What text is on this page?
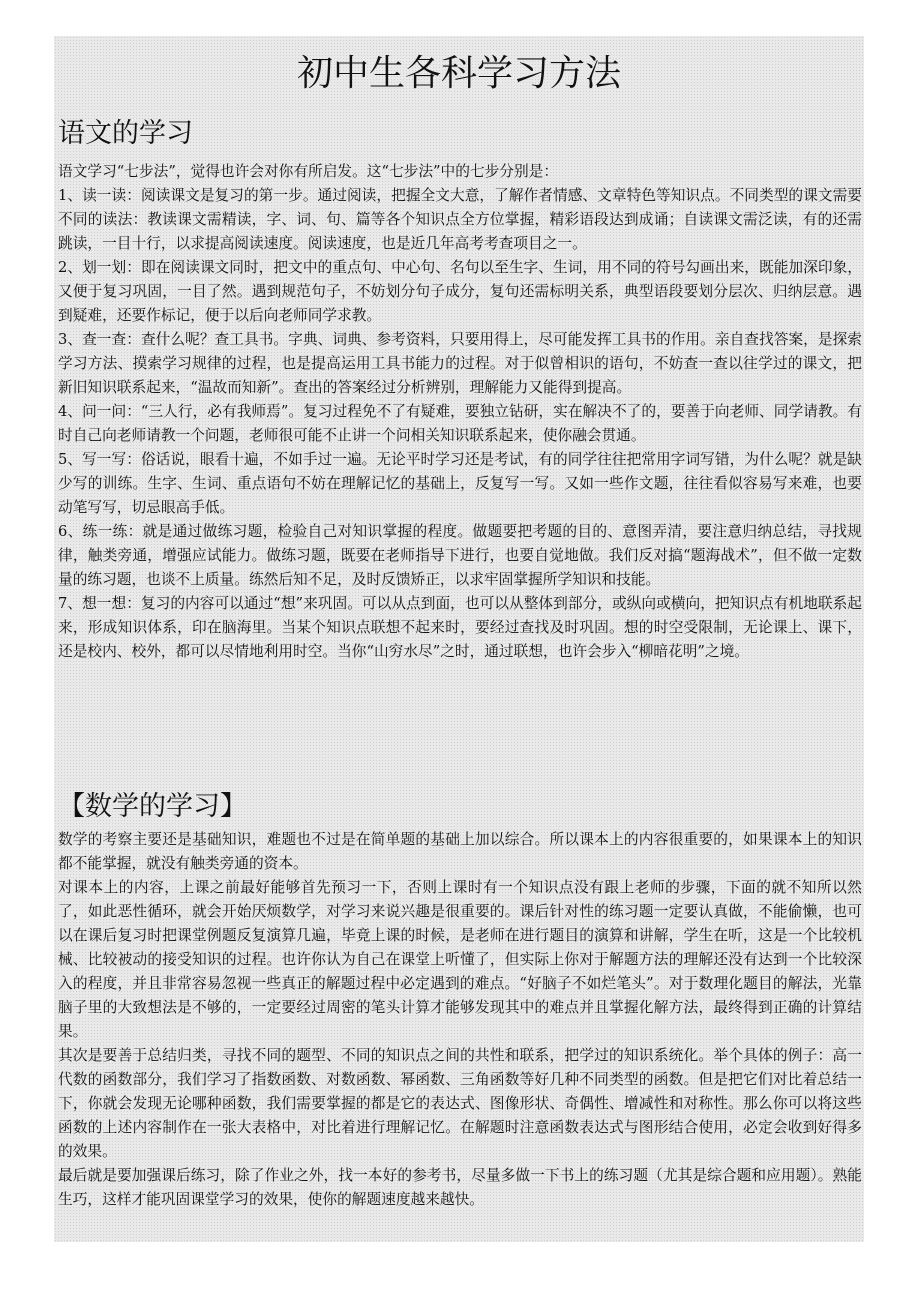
初中生各科学习方法
语文的学习

语文学习“七步法”，觉得也许会对你有所启发。这“七步法”中的七步分别是：

1、读一读：阅读课文是复习的第一步。通过阅读，把握全文大意，了解作者情感、文章特色等知识点。不同类型的课文需要不同的读法：教读课文需精读，字、词、句、篇等各个知识点全方位掌握，精彩语段达到成诵；自读课文需泛读，有的还需跳读，一目十行，以求提高阅读速度。阅读速度，也是近几年高考考查项目之一。

2、划一划：即在阅读课文同时，把文中的重点句、中心句、名句以至生字、生词，用不同的符号勾画出来，既能加深印象，又便于复习巩固，一目了然。遇到规范句子，不妨划分句子成分，复句还需标明关系，典型语段要划分层次、归纳层意。遇到疑难，还要作标记，便于以后向老师同学求教。

3、查一查：查什么呢？查工具书。字典、词典、参考资料，只要用得上，尽可能发挥工具书的作用。亲自查找答案，是探索学习方法、摸索学习规律的过程，也是提高运用工具书能力的过程。对于似曾相识的语句，不妨查一查以往学过的课文，把新旧知识联系起来，“温故而知新”。查出的答案经过分析辨别，理解能力又能得到提高。

4、问一问：“三人行，必有我师焉”。复习过程免不了有疑难，要独立钻研，实在解决不了的，要善于向老师、同学请教。有时自己向老师请教一个问题，老师很可能不止讲一个问相关知识联系起来，使你融会贯通。

5、写一写：俗话说，眼看十遍，不如手过一遍。无论平时学习还是考试，有的同学往往把常用字词写错，为什么呢？就是缺少写的训练。生字、生词、重点语句不妨在理解记忆的基础上，反复写一写。又如一些作文题，往往看似容易写来难，也要动笔写写，切忌眼高手低。

6、练一练：就是通过做练习题，检验自己对知识掌握的程度。做题要把考题的目的、意图弄清，要注意归纳总结，寻找规律，触类旁通，增强应试能力。做练习题，既要在老师指导下进行，也要自觉地做。我们反对搞“题海战术”，但不做一定数量的练习题，也谈不上质量。练然后知不足，及时反馈矫正，以求牢固掌握所学知识和技能。

7、想一想：复习的内容可以通过“想”来巩固。可以从点到面，也可以从整体到部分，或纵向或横向，把知识点有机地联系起来，形成知识体系，印在脑海里。当某个知识点联想不起来时，要经过查找及时巩固。想的时空受限制，无论课上、课下，还是校内、校外，都可以尽情地利用时空。当你“山穷水尽”之时，通过联想，也许会步入“柳暗花明”之境。

【数学的学习】

数学的考察主要还是基础知识，难题也不过是在简单题的基础上加以综合。所以课本上的内容很重要的，如果课本上的知识都不能掌握，就没有触类旁通的资本。

对课本上的内容，上课之前最好能够首先预习一下，否则上课时有一个知识点没有跟上老师的步骤，下面的就不知所以然了，如此恶性循环，就会开始厌烦数学，对学习来说兴趣是很重要的。课后针对性的练习题一定要认真做，不能偷懒，也可以在课后复习时把课堂例题反复演算几遍，毕竟上课的时候，是老师在进行题目的演算和讲解，学生在听，这是一个比较机械、比较被动的接受知识的过程。也许你认为自己在课堂上听懂了，但实际上你对于解题方法的理解还没有达到一个比较深入的程度，并且非常容易忽视一些真正的解题过程中必定遇到的难点。“好脑子不如烂笔头”。对于数理化题目的解法，光靠脑子里的大致想法是不够的，一定要经过周密的笔头计算才能够发现其中的难点并且掌握化解方法，最终得到正确的计算结果。

其次是要善于总结归类，寻找不同的题型、不同的知识点之间的共性和联系，把学过的知识系统化。举个具体的例子：高一代数的函数部分，我们学习了指数函数、对数函数、幂函数、三角函数等好几种不同类型的函数。但是把它们对比着总结一下，你就会发现无论哪种函数，我们需要掌握的都是它的表达式、图像形状、奇偶性、增减性和对称性。那么你可以将这些函数的上述内容制作在一张大表格中，对比着进行理解记忆。在解题时注意函数表达式与图形结合使用，必定会收到好得多的效果。

最后就是要加强课后练习，除了作业之外，找一本好的参考书，尽量多做一下书上的练习题（尤其是综合题和应用题）。熟能生巧，这样才能巩固课堂学习的效果，使你的解题速度越来越快。
